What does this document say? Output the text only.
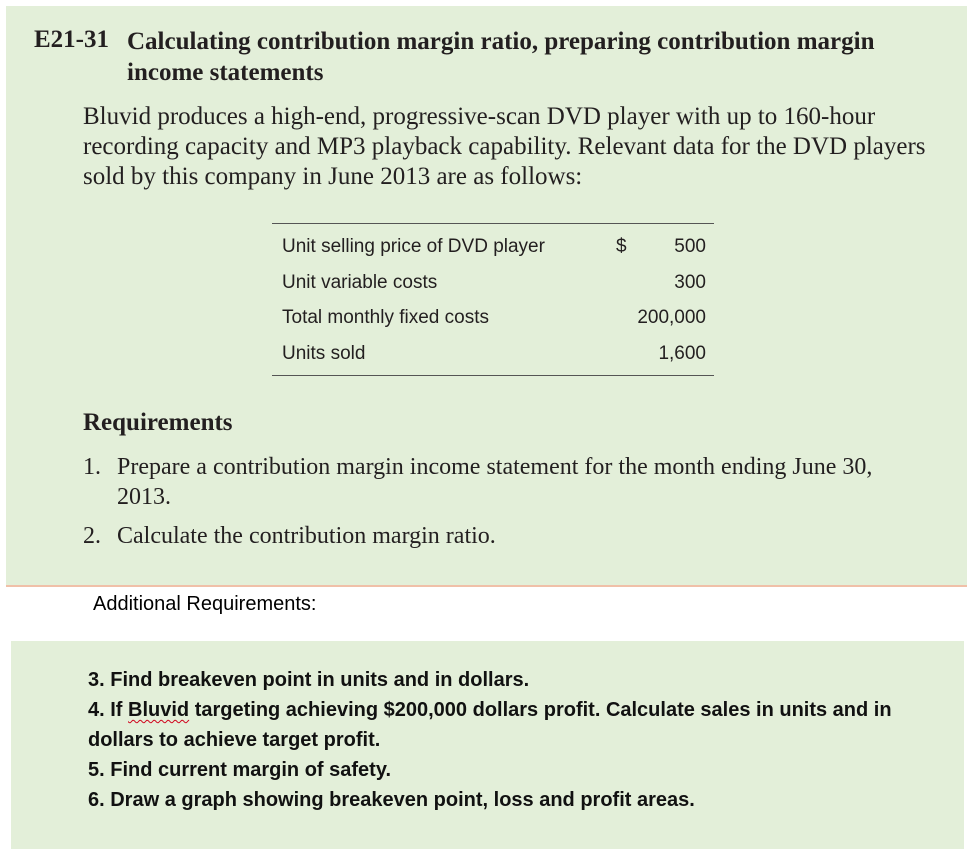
E21-31 Calculating contribution margin ratio, preparing contribution margin income statements
Bluvid produces a high-end, progressive-scan DVD player with up to 160-hour recording capacity and MP3 playback capability. Relevant data for the DVD players sold by this company in June 2013 are as follows:
Unit selling price of DVD player	$	500
Unit variable costs	300
Total monthly fixed costs	200,000
Units sold	1,600
Requirements
1. Prepare a contribution margin income statement for the month ending June 30,
2013.
2. Calculate the contribution margin ratio.
Additional Requirements:
3. Find breakeven point in units and in dollars.
4. If Bluvid targeting achieving $200,000 dollars profit. Calculate sales in units and in
dollars to achieve target profit.
5. Find current margin of safety.
6. Draw a graph showing breakeven point, loss and profit areas.
